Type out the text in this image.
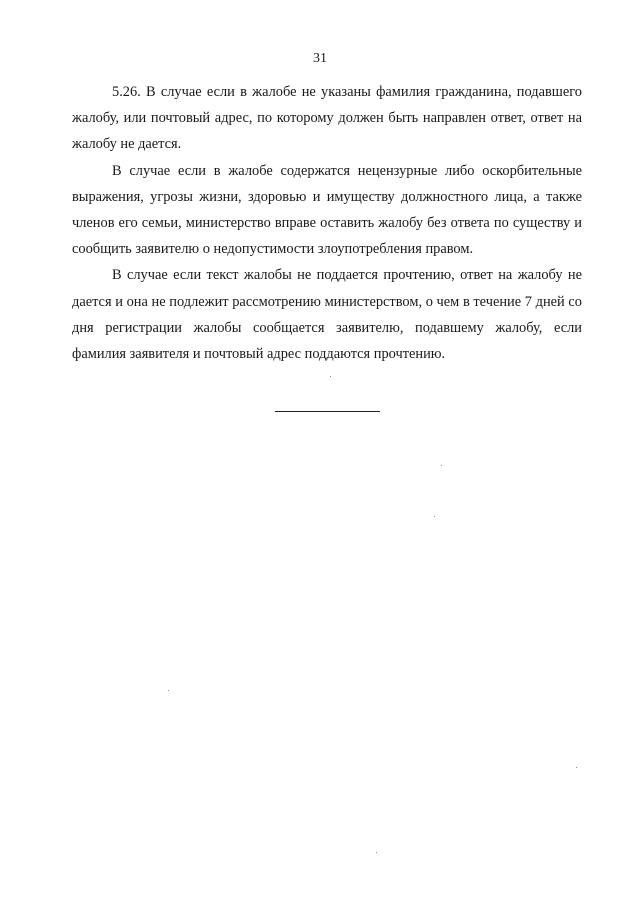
31

5.26. В случае если в жалобе не указаны фамилия гражданина, подавшего жалобу, или почтовый адрес, по которому должен быть направлен ответ, ответ на жалобу не дается.

В случае если в жалобе содержатся нецензурные либо оскорбительные выражения, угрозы жизни, здоровью и имуществу должностного лица, а также членов его семьи, министерство вправе оставить жалобу без ответа по существу и сообщить заявителю о недопустимости злоупотребления правом.

В случае если текст жалобы не поддается прочтению, ответ на жалобу не дается и она не подлежит рассмотрению министерством, о чем в течение 7 дней со дня регистрации жалобы сообщается заявителю, подавшему жалобу, если фамилия заявителя и почтовый адрес поддаются прочтению.
